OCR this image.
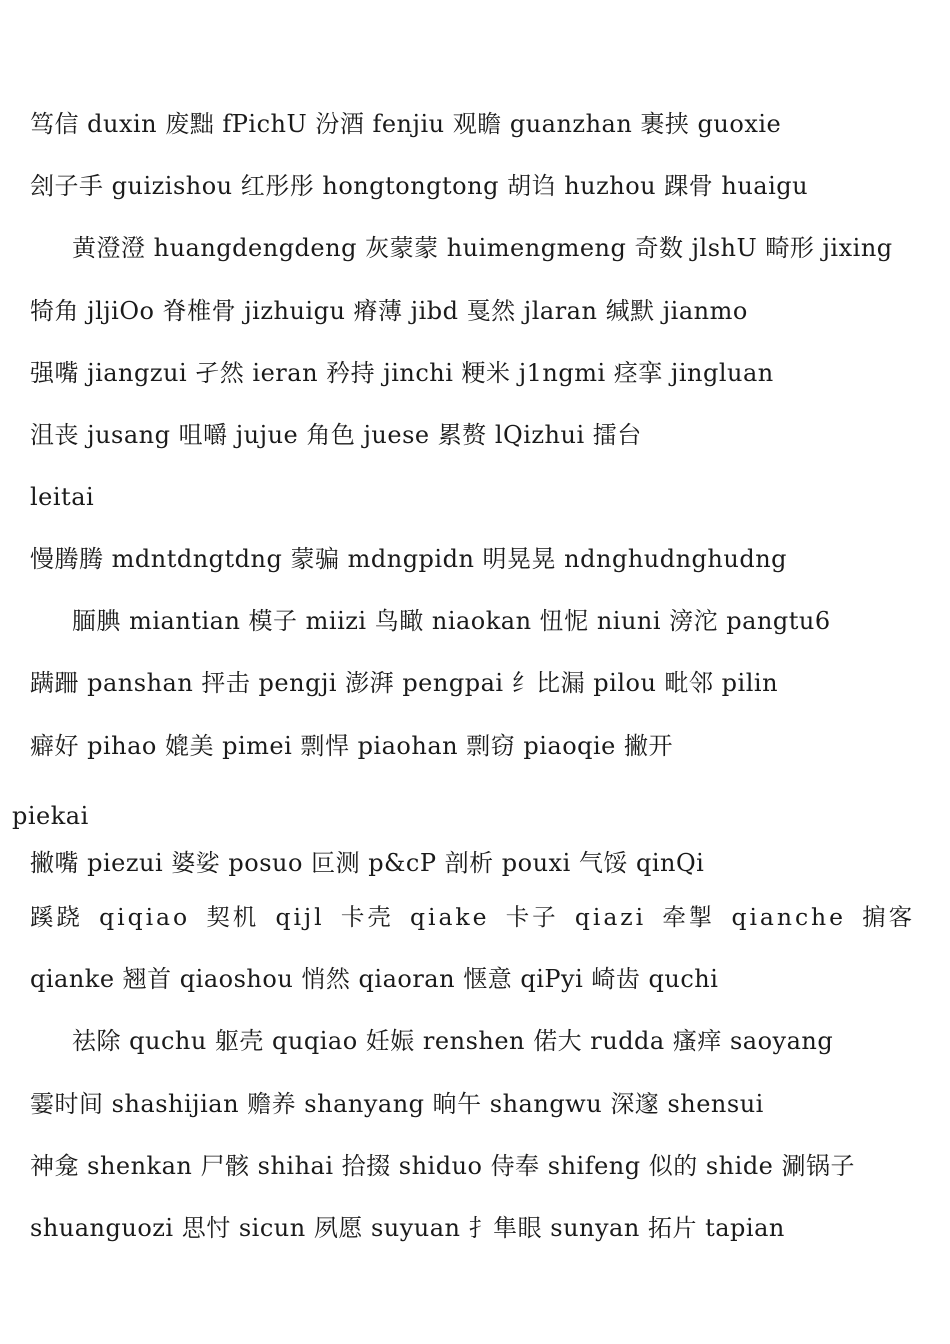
笃信 duxin 废黜 fPichU 汾酒 fenjiu 观瞻 guanzhan 裹挟 guoxie
刽子手 guizishou 红彤彤 hongtongtong 胡诌 huzhou 踝骨 huaigu
黄澄澄 huangdengdeng 灰蒙蒙 huimengmeng 奇数 jlshU 畸形 jixing
犄角 jljiOo 脊椎骨 jizhuigu 瘠薄 jibd 戛然 jlaran 缄默 jianmo
强嘴 jiangzui 孑然 ieran 矜持 jinchi 粳米 j1ngmi 痉挛 jingluan
沮丧 jusang 咀嚼 jujue 角色 juese 累赘 lQizhui 擂台
leitai
慢腾腾 mdntdngtdng 蒙骗 mdngpidn 明晃晃 ndnghudnghudng
腼腆 miantian 模子 miizi 鸟瞰 niaokan 忸怩 niuni 滂沱 pangtu6
蹒跚 panshan 抨击 pengji 澎湃 pengpai 纟比漏 pilou 毗邻 pilin
癖好 pihao 媲美 pimei 剽悍 piaohan 剽窃 piaoqie 撇开
piekai
撇嘴 piezui 婆娑 posuo 叵测 p&cP 剖析 pouxi 气馁 qinQi
蹊跷 qiqiao 契机 qijl 卡壳 qiake 卡子 qiazi 牵掣 qianche 掮客
qianke 翘首 qiaoshou 悄然 qiaoran 惬意 qiPyi 崎齿 quchi
祛除 quchu 躯壳 quqiao 妊娠 renshen 偌大 rudda 瘙痒 saoyang
霎时间 shashijian 赡养 shanyang 晌午 shangwu 深邃 shensui
神龛 shenkan 尸骸 shihai 拾掇 shiduo 侍奉 shifeng 似的 shide 涮锅子
shuanguozi 思忖 sicun 夙愿 suyuan 扌隼眼 sunyan 拓片 tapian
